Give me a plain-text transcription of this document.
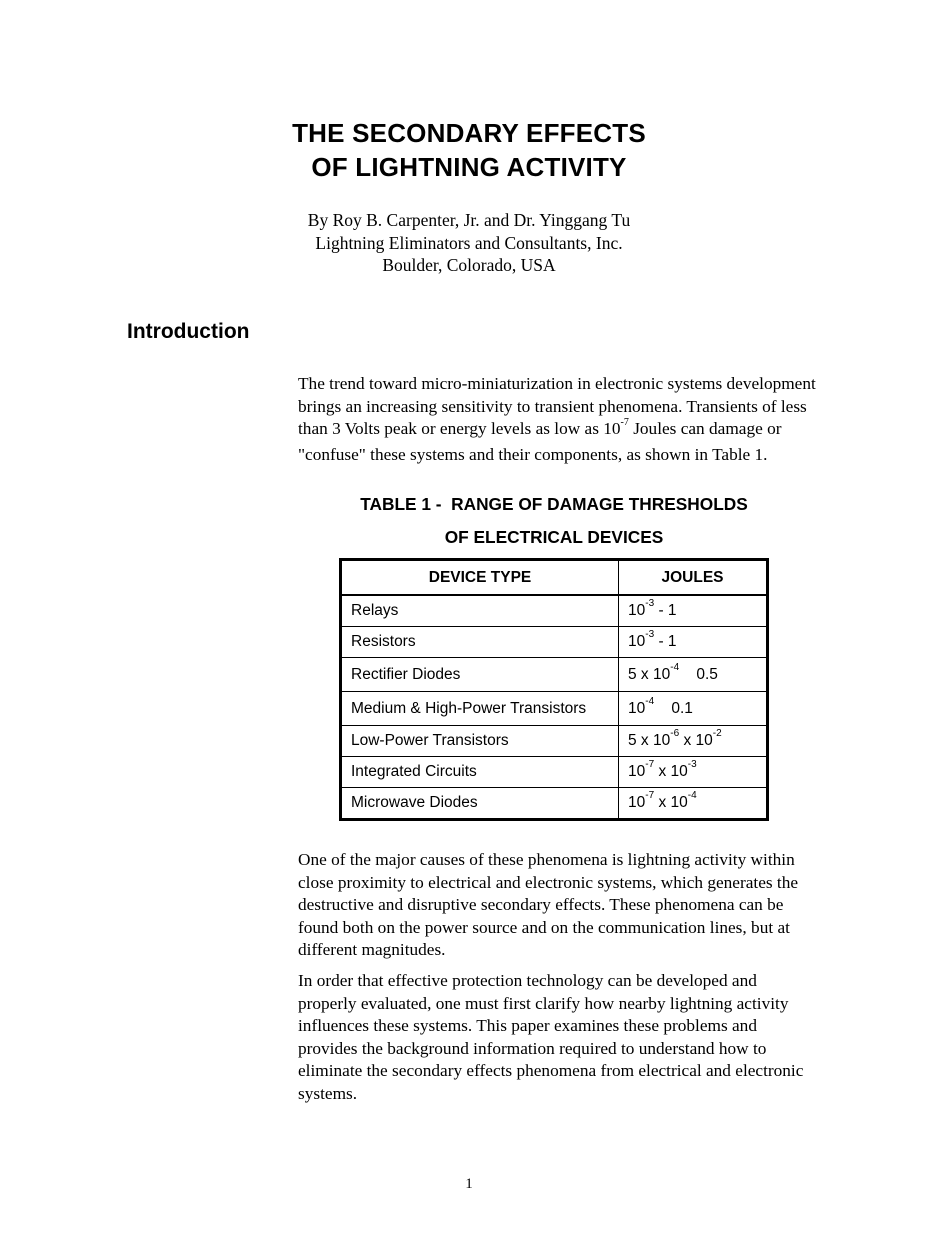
THE SECONDARY EFFECTS
OF LIGHTNING ACTIVITY
By Roy B. Carpenter, Jr. and Dr. Yinggang Tu
Lightning Eliminators and Consultants, Inc.
Boulder, Colorado, USA
Introduction

The trend toward micro-miniaturization in electronic systems development brings an increasing sensitivity to transient phenomena. Transients of less than 3 Volts peak or energy levels as low as $10^{-7}$ Joules can damage or "confuse" these systems and their components, as shown in Table 1.

TABLE 1 -  RANGE OF DAMAGE THRESHOLDS
OF ELECTRICAL DEVICES
DEVICE TYPE	JOULES
Relays	$10^{-3} - 1$
Resistors	$10^{-3} - 1$
Rectifier Diodes	5 x $10^{-4}$    0.5
Medium & High-Power Transistors	$10^{-4}$    0.1
Low-Power Transistors	5 x $10^{-6}$ x $10^{-2}$
Integrated Circuits	$10^{-7}$ x $10^{-3}$
Microwave Diodes	$10^{-7}$ x $10^{-4}$

One of the major causes of these phenomena is lightning activity within close proximity to electrical and electronic systems, which generates the destructive and disruptive secondary effects. These phenomena can be found both on the power source and on the communication lines, but at different magnitudes.

In order that effective protection technology can be developed and properly evaluated, one must first clarify how nearby lightning activity influences these systems. This paper examines these problems and provides the background information required to understand how to eliminate the secondary effects phenomena from electrical and electronic systems.

1
